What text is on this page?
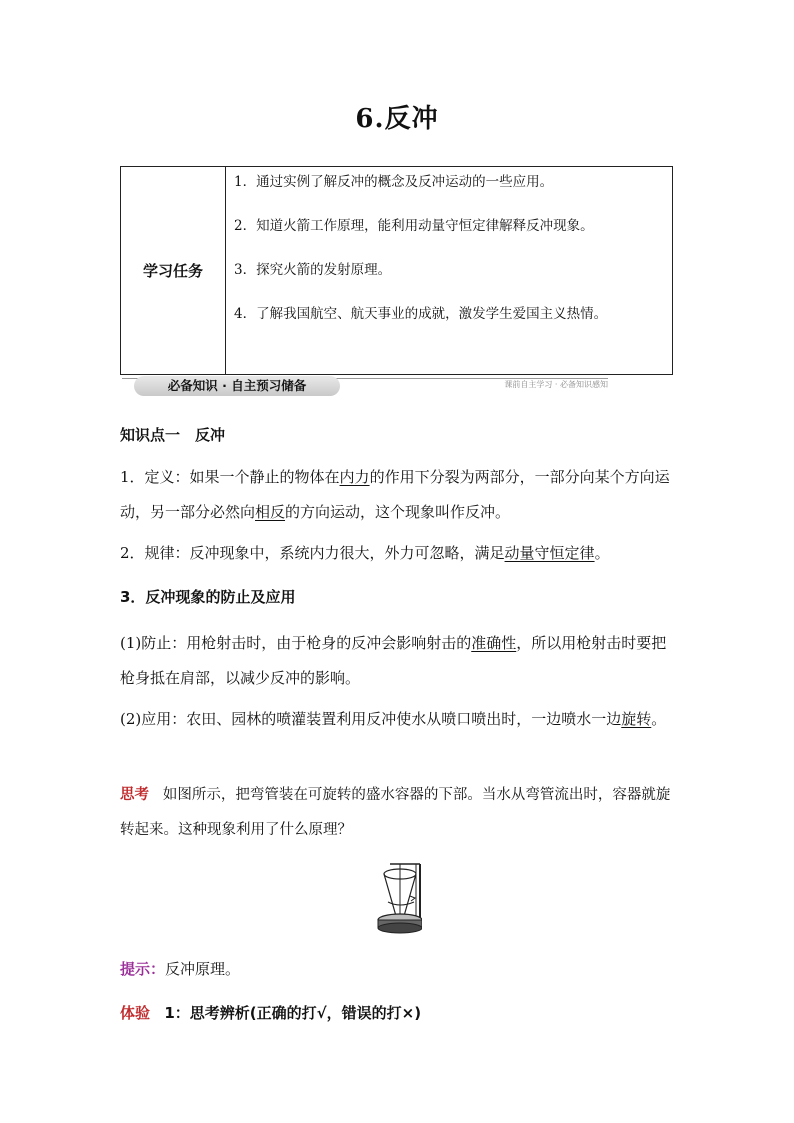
6.反冲
学习任务
1．通过实例了解反冲的概念及反冲运动的一些应用。
2．知道火箭工作原理，能利用动量守恒定律解释反冲现象。
3．探究火箭的发射原理。
4．了解我国航空、航天事业的成就，激发学生爱国主义热情。
必备知识 · 自主预习储备	课前自主学习 · 必备知识感知
知识点一　反冲
1．定义：如果一个静止的物体在内力的作用下分裂为两部分，一部分向某个方向运动，另一部分必然向相反的方向运动，这个现象叫作反冲。
2．规律：反冲现象中，系统内力很大，外力可忽略，满足动量守恒定律。
3．反冲现象的防止及应用
(1)防止：用枪射击时，由于枪身的反冲会影响射击的准确性，所以用枪射击时要把枪身抵在肩部，以减少反冲的影响。
(2)应用：农田、园林的喷灌装置利用反冲使水从喷口喷出时，一边喷水一边旋转。
思考 如图所示，把弯管装在可旋转的盛水容器的下部。当水从弯管流出时，容器就旋转起来。这种现象利用了什么原理？
提示：反冲原理。
体验 1：思考辨析(正确的打√，错误的打×)
